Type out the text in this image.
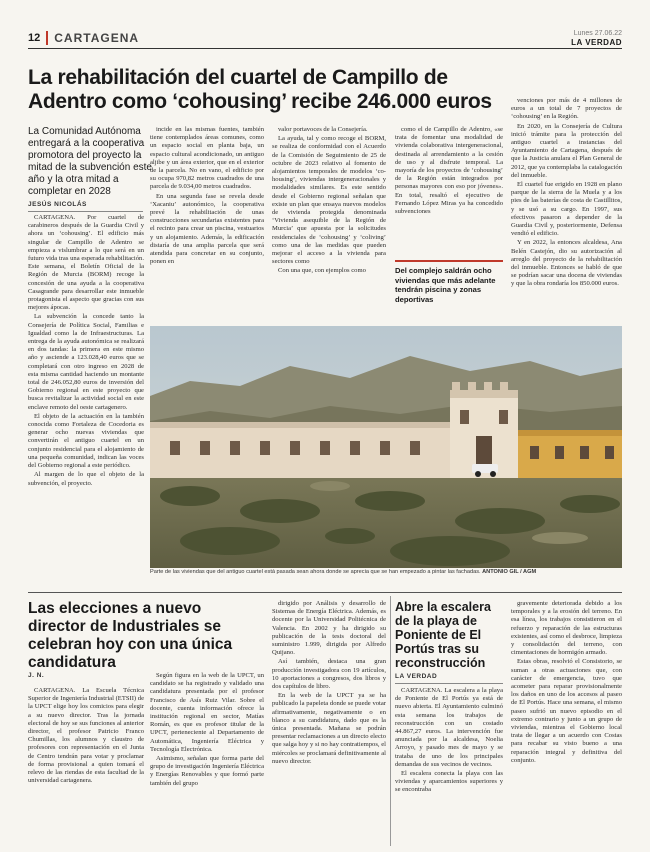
12	CARTAGENA	Lunes 27.06.22
LA VERDAD
La rehabilitación del cuartel de Campillo de Adentro como ‘cohousing’ recibe 246.000 euros
La Comunidad Autónoma entregará a la cooperativa promotora del proyecto la mitad de la subvención este año y la otra mitad a completar en 2028
JESÚS NICOLÁS

CARTAGENA. Por cuartel de carabineros después de la Guardia Civil y ahora un ‘cohousing’. El edificio más singular de Campillo de Adentro se empieza a vislumbrar a lo que será en un futuro vida tras una esperada rehabilitación. Este semana, el Boletín Oficial de la Región de Murcia (BORM) recoge la concesión de una ayuda a la cooperativa Casagrande para desarrollar este inmueble protagonista el aspecto que gracias con sus mejores ápocas.

La subvención la concede tanto la Consejería de Política Social, Familias e Igualdad como la de Infraestructuras. La entrega de la ayuda autonómica se realizará en dos tandas: la primera en este mismo año y asciende a 123.028,40 euros que se completará con otro ingreso en 2028 de esta misma cantidad haciendo un montante total de 246.052,80 euros de inversión del Gobierno regional en este proyecto que busca revitalizar la actividad social en este enclave remoto del oeste cartagenero.

El objeto de la actuación en la también conocida como Fortaleza de Cocedoria es generar ocho nuevas viviendas que convertirán el antiguo cuartel en un conjunto residencial para el alojamiento de una pequeña comunidad, indican las voces del Gobierno regional a este periódico.

Al margen de lo que el objeto de la subvención, el proyecto.

incide en las mismas fuentes, también tiene contemplados áreas comunes, como un espacio social en planta baja, un espacio cultural acondicionado, un antiguo aljibe y un área exterior, que en el exterior de la parcela. No en vano, el edificio por su ocupa 970,82 metros cuadrados de una parcela de 9.034,00 metros cuadrados.

En una segunda fase se revela desde ‘Xacaniu’ autonómico, la cooperativa prevé la rehabilitación de unas construcciones secundarias existentes para el recinto para crear un piscina, vestuarios y un alojamiento. Además, la edificación distaría de una amplia parcela que será atendida para concretar en su conjunto, ponen en

valor portavoces de la Consejería.

La ayuda, tal y como recoge el BORM, se realiza de conformidad con el Acuerdo de la Comisión de Seguimiento de 25 de octubre de 2023 relativo al fomento de alojamientos temporales de modelos ‘co-housing’, viviendas intergeneracionales y modalidades similares. Es este sentido desde el Gobierno regional señalan que existe un plan que ensaya nuevos modelos de vivienda protegida denominada ‘Vivienda asequible de la Región de Murcia’ que apuesta por la solicitudes residenciales de ‘cohousing’ y ‘coliving’ como una de las medidas que pueden mejorar el acceso a la vivienda para sectores como

Con una que, con ejemplos como

como el de Campillo de Adentro, «se trata de fomentar una modalidad de vivienda colaborativa intergeneracional, destinada al arrendamiento a la cesión de uso y al disfrute temporal. La mayoría de los proyectos de ‘cohousing’ de la Región están integrados por personas mayores con eso por jóvenes». En total, resaltó el ejecutivo de Fernando López Miras ya ha concedido subvenciones

Del complejo saldrán ocho viviendas que más adelante tendrán piscina y zonas deportivas

venciones por más de 4 millones de euros a un total de 7 proyectos de ‘cohousing’ en la Región.

En 2020, en la Consejería de Cultura inició trámite para la protección del antiguo cuartel a instancias del Ayuntamiento de Cartagena, después de que la Justicia anulara el Plan General de 2012, que ya contemplaba la catalogación del inmueble.

El cuartel fue erigido en 1928 en plano parque de la sierra de la Muela y a los pies de las baterías de costa de Castillitos, y se usó a su cargo. En 1997, sus efectivos pasaron a depender de la Guardia Civil y, posteriormente, Defensa vendió el edificio.

Y en 2022, la entonces alcaldesa, Ana Belén Castejón, dio su autorización al arreglo del proyecto de la rehabilitación del inmueble. Entonces se habló de que se podrían sacar una docena de viviendas y que la obra rondaría los 850.000 euros.

Parte de las viviendas que del antiguo cuartel está pasada sean ahora donde se aprecia que se han empezado a pintar las fachadas. ANTONIO GIL / AGM
Las elecciones a nuevo director de Industriales se celebran hoy con una única candidatura
J. N.

CARTAGENA. La Escuela Técnica Superior de Ingeniería Industrial (ETSII) de la UPCT elige hoy los comicios para elegir a su nuevo director. Tras la jornada electoral de hoy se sus funciones al anterior director, el profesor Patricio Franco Chumillas, los alumnos y claustro de profesores con representación en el Junta de Centro tendrán para votar y proclamar de forma provisional a quien tomará el relevo de las riendas de esta facultad de la universidad cartagenera.

Según figura en la web de la UPCT, un candidato se ha registrado y validado una candidatura presentada por el profesor Francisco de Asís Ruiz Vilar. Sobre el docente, cuenta información ofrece la institución regional en sector, Matías Román, es que es profesor titular de la UPCT, perteneciente al Departamento de Automática, Ingeniería Eléctrica y Tecnología Electrónica.

Asimismo, señalan que forma parte del grupo de investigación Ingeniería Eléctrica y Energías Renovables y que formó parte también del grupo

dirigido por Análisis y desarrollo de Sistemas de Energía Eléctrica. Además, es docente por la Universidad Politécnica de Valencia. En 2002 y ha dirigido su publicación de la tesis doctoral del suministro 1.999, dirigida por Alfredo Quijano.

Así también, destaca una gran producción investigadora con 19 artículos, 10 aportaciones a congresos, dos libros y dos capítulos de libro.

En la web de la UPCT ya se ha publicado la papeleta donde se puede votar afirmativamente, negativamente o en blanco a su candidatura, dado que es la única presentada. Mañana se podrán presentar reclamaciones a un directo electo que salga hoy y si no hay contratiempos, el miércoles se proclamará definitivamente al nuevo director.

Abre la escalera de la playa de Poniente de El Portús tras su reconstrucción
LA VERDAD

CARTAGENA. La escalera a la playa de Poniente de El Portús ya está de nuevo abierta. El Ayuntamiento culminó esta semana los trabajos de reconstrucción con un costado 44.867,27 euros. La intervención fue anunciada por la alcaldesa, Noelia Arroyo, y pasado mes de mayo y se trataba de uno de los principales demandas de sus vecinos de vecinos.

El escalera conecta la playa con las viviendas y aparcamientos superiores y se encontraba

gravemente deteriorada debido a los temporales y a la erosión del terreno. En esa línea, los trabajos consistieron en el refuerzo y reparación de las estructuras existentes, así como el desbroce, limpieza y consolidación del terreno, con cimentaciones de hormigón armado.

Estas obras, resolvió el Consistorio, se suman a otras actuaciones que, con carácter de emergencia, tuvo que acometer para reparar provisionalmente los daños en uno de los accesos al paseo de El Portús. Hace una semana, el mismo paseo sufrió un nuevo episodio en el extremo contrario y junto a un grupo de viviendas, mientras el Gobierno local trata de llegar a un acuerdo con Costas para recabar su visto bueno a una reparación integral y definitiva del conjunto.
